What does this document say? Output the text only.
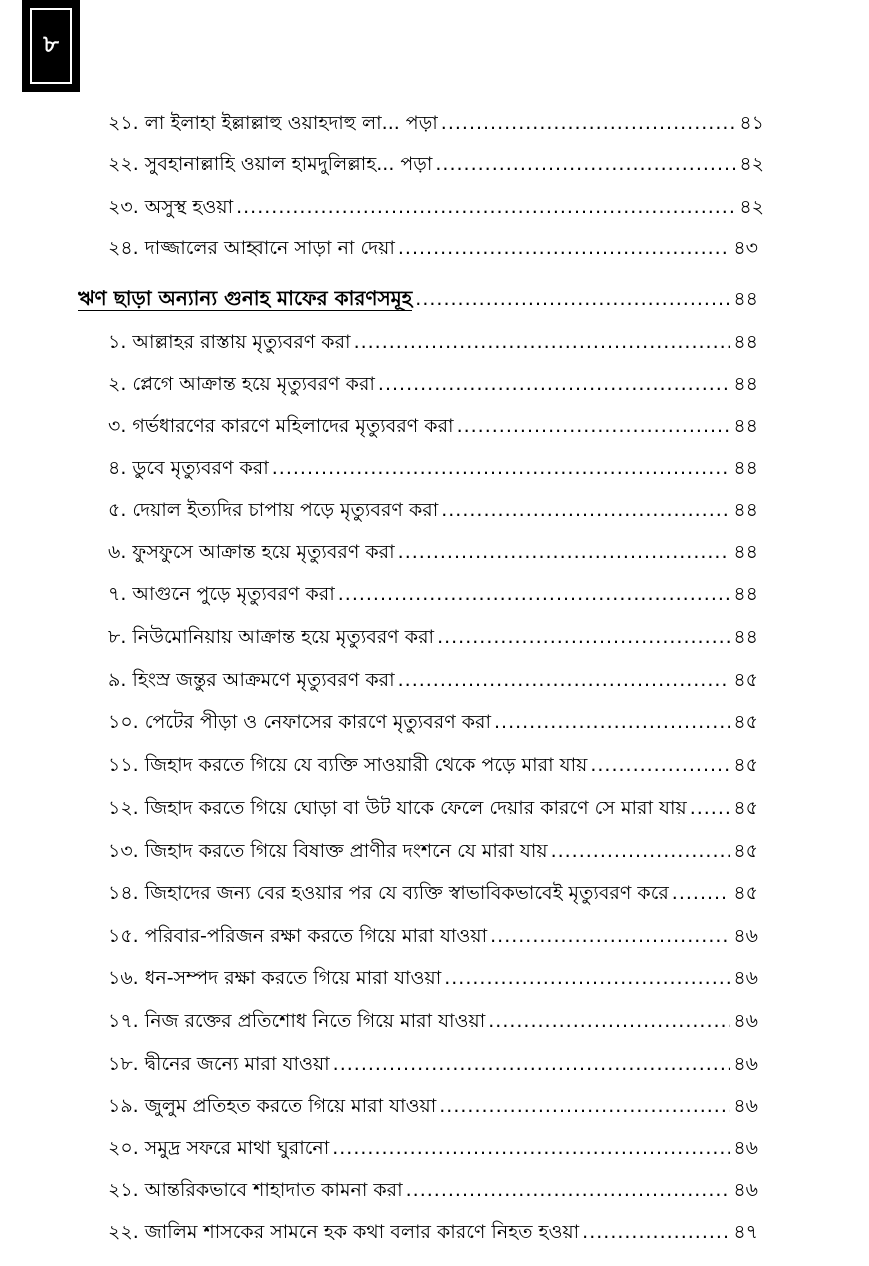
৮
২১. লা ইলাহা ইল্লাল্লাহু ওয়াহদাহু লা... পড়া .....	৪১
২২. সুবহানাল্লাহি ওয়াল হামদুলিল্লাহ... পড়া .....	৪২
২৩. অসুস্থ হওয়া .....	৪২
২৪. দাজ্জালের আহ্বানে সাড়া না দেয়া .....	৪৩
ঋণ ছাড়া অন্যান্য গুনাহ মাফের কারণসমূহ .....	৪৪
১. আল্লাহর রাস্তায় মৃত্যুবরণ করা .....	৪৪
২. প্লেগে আক্রান্ত হয়ে মৃত্যুবরণ করা .....	৪৪
৩. গর্ভধারণের কারণে মহিলাদের মৃত্যুবরণ করা .....	৪৪
৪. ডুবে মৃত্যুবরণ করা .....	৪৪
৫. দেয়াল ইত্যদির চাপায় পড়ে মৃত্যুবরণ করা .....	৪৪
৬. ফুসফুসে আক্রান্ত হয়ে মৃত্যুবরণ করা .....	৪৪
৭. আগুনে পুড়ে মৃত্যুবরণ করা .....	৪৪
৮. নিউমোনিয়ায় আক্রান্ত হয়ে মৃত্যুবরণ করা .....	৪৪
৯. হিংস্র জন্তুর আক্রমণে মৃত্যুবরণ করা .....	৪৫
১০. পেটের পীড়া ও নেফাসের কারণে মৃত্যুবরণ করা .....	৪৫
১১. জিহাদ করতে গিয়ে যে ব্যক্তি সাওয়ারী থেকে পড়ে মারা যায় .....	৪৫
১২. জিহাদ করতে গিয়ে ঘোড়া বা উট যাকে ফেলে দেয়ার কারণে সে মারা যায় ..... ৪৫
১৩. জিহাদ করতে গিয়ে বিষাক্ত প্রাণীর দংশনে যে মারা যায় .....	৪৫
১৪. জিহাদের জন্য বের হওয়ার পর যে ব্যক্তি স্বাভাবিকভাবেই মৃত্যুবরণ করে .....	৪৫
১৫. পরিবার-পরিজন রক্ষা করতে গিয়ে মারা যাওয়া .....	৪৬
১৬. ধন-সম্পদ রক্ষা করতে গিয়ে মারা যাওয়া .....	৪৬
১৭. নিজ রক্তের প্রতিশোধ নিতে গিয়ে মারা যাওয়া .....	৪৬
১৮. দ্বীনের জন্যে মারা যাওয়া .....	৪৬
১৯. জুলুম প্রতিহত করতে গিয়ে মারা যাওয়া .....	৪৬
২০. সমুদ্র সফরে মাথা ঘুরানো .....	৪৬
২১. আন্তরিকভাবে শাহাদাত কামনা করা .....	৪৬
২২. জালিম শাসকের সামনে হক কথা বলার কারণে নিহত হওয়া .....	৪৭
